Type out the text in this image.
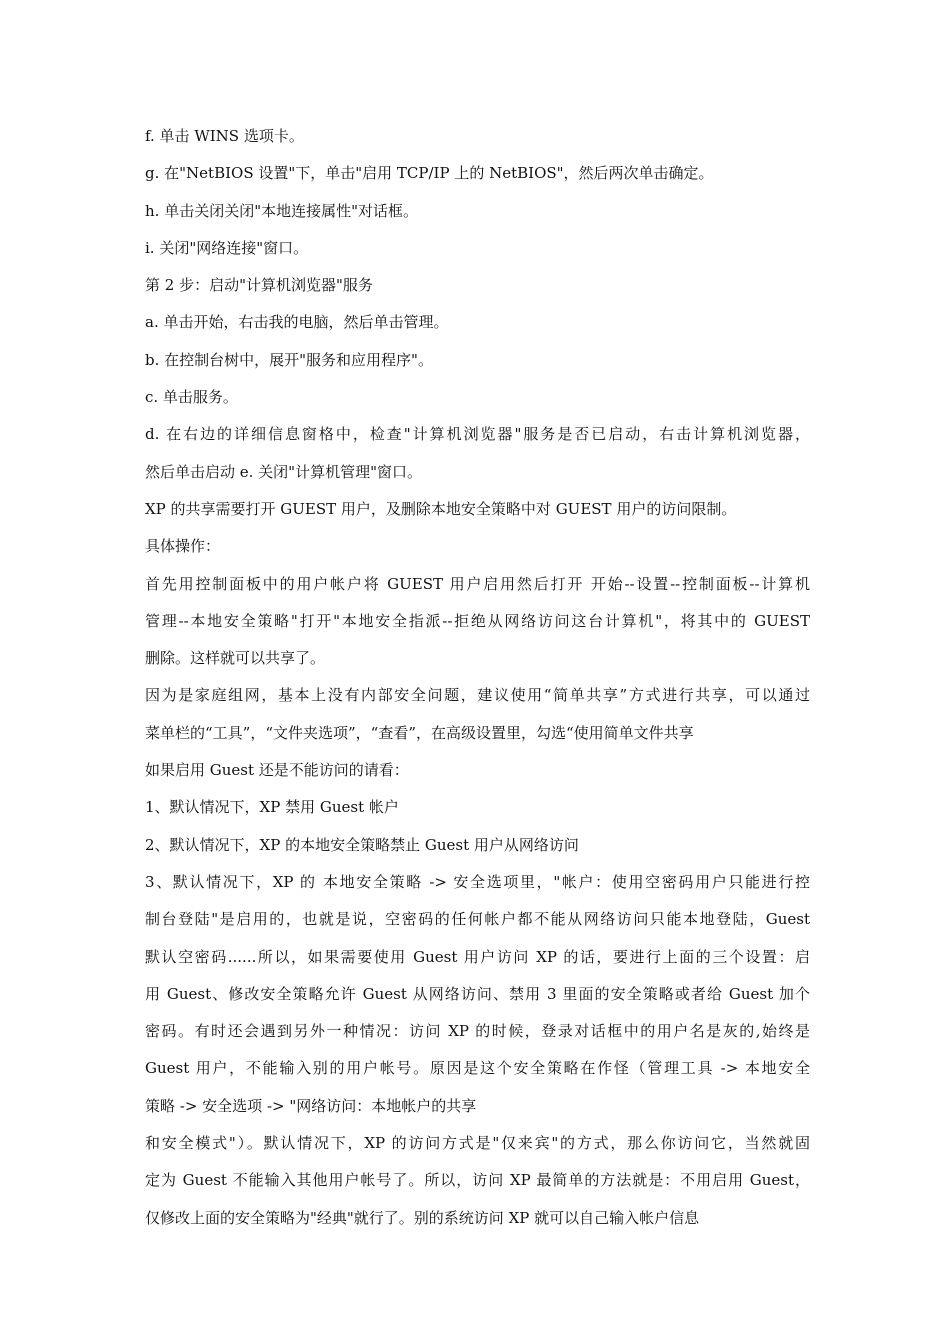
f. 单击 WINS 选项卡。
g. 在"NetBIOS 设置"下，单击"启用 TCP/IP 上的 NetBIOS"，然后两次单击确定。
h. 单击关闭关闭"本地连接属性"对话框。
i. 关闭"网络连接"窗口。
第 2 步：启动"计算机浏览器"服务
a. 单击开始，右击我的电脑，然后单击管理。
b. 在控制台树中，展开"服务和应用程序"。
c. 单击服务。
d. 在右边的详细信息窗格中，检查"计算机浏览器"服务是否已启动，右击计算机浏览器，
然后单击启动 e. 关闭"计算机管理"窗口。
XP 的共享需要打开 GUEST 用户，及删除本地安全策略中对 GUEST 用户的访问限制。
具体操作：
首先用控制面板中的用户帐户将 GUEST 用户启用然后打开 开始--设置--控制面板--计算机
管理--本地安全策略"打开"本地安全指派--拒绝从网络访问这台计算机"，将其中的 GUEST
删除。这样就可以共享了。
因为是家庭组网，基本上没有内部安全问题，建议使用“简单共享”方式进行共享，可以通过
菜单栏的“工具”，“文件夹选项”，“查看”，在高级设置里，勾选“使用简单文件共享
如果启用 Guest 还是不能访问的请看：
1、默认情况下，XP 禁用 Guest 帐户
2、默认情况下，XP 的本地安全策略禁止 Guest 用户从网络访问
3、默认情况下，XP 的 本地安全策略 -> 安全选项里，"帐户：使用空密码用户只能进行控
制台登陆"是启用的，也就是说，空密码的任何帐户都不能从网络访问只能本地登陆，Guest
默认空密码......所以，如果需要使用 Guest 用户访问 XP 的话，要进行上面的三个设置：启
用 Guest、修改安全策略允许 Guest 从网络访问、禁用 3 里面的安全策略或者给 Guest 加个
密码。有时还会遇到另外一种情况：访问 XP 的时候，登录对话框中的用户名是灰的,始终是
Guest 用户，不能输入别的用户帐号。原因是这个安全策略在作怪（管理工具 -> 本地安全
策略 -> 安全选项 -> "网络访问：本地帐户的共享
和安全模式"）。默认情况下，XP 的访问方式是"仅来宾"的方式，那么你访问它，当然就固
定为 Guest 不能输入其他用户帐号了。所以，访问 XP 最简单的方法就是：不用启用 Guest，
仅修改上面的安全策略为"经典"就行了。别的系统访问 XP 就可以自己输入帐户信息
